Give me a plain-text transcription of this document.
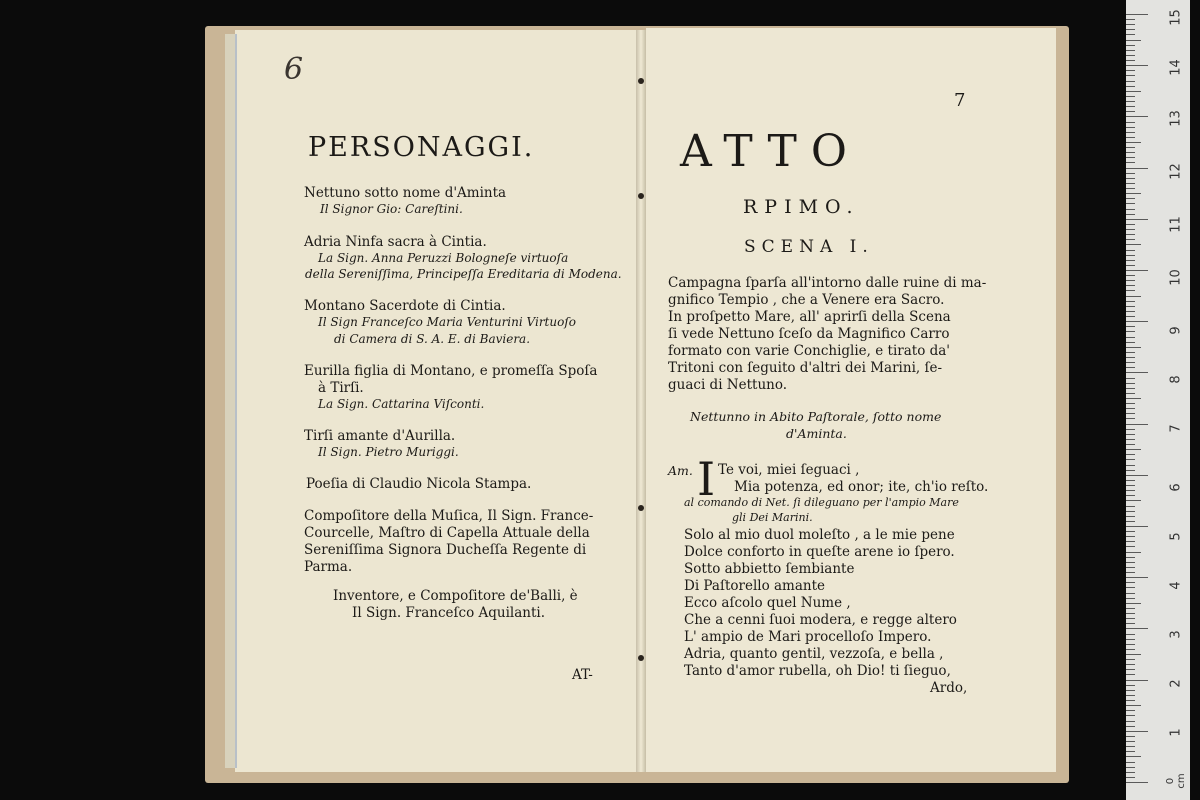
6
PERSONAGGI.
Nettuno sotto nome d'Aminta
Il Signor Gio: Careſtini.
Adria Ninfa sacra à Cintia.
La Sign. Anna Peruzzi Bologneſe virtuoſa
della Sereniſſima, Principeſſa Ereditaria di Modena.
Montano Sacerdote di Cintia.
Il Sign Franceſco Maria Venturini Virtuoſo
di Camera di S. A. E. di Baviera.
Eurilla figlia di Montano, e promeſſa Spoſa
à Tirſi.
La Sign. Cattarina Viſconti.
Tirſi amante d'Aurilla.
Il Sign. Pietro Muriggi.
Poeſia di Claudio Nicola Stampa.
Compoſitore della Muſica, Il Sign. France-
Courcelle, Maſtro di Capella Attuale della
Sereniſſima Signora Ducheſſa Regente di
Parma.
Inventore, e Compoſitore de'Balli, è
Il Sign. Franceſco Aquilanti.
AT-
7
ATTO
RPIMO.
SCENA I.
Campagna ſparſa all'intorno dalle ruine di ma-
gnifico Tempio , che a Venere era Sacro.
In proſpetto Mare, all' aprirſi della Scena
ſi vede Nettuno ſceſo da Magnifico Carro
formato con varie Conchiglie, e tirato da'
Tritoni con ſeguito d'altri dei Marini, ſe-
guaci di Nettuno.
Nettunno in Abito Paſtorale, ſotto nome
d'Aminta.
Am. I Te voi, miei ſeguaci ,
Mia potenza, ed onor; ite, ch'io reſto.
al comando di Net. ſi dileguano per l'ampio Mare
gli Dei Marini.
Solo al mio duol moleſto , a le mie pene
Dolce conforto in queſte arene io ſpero.
Sotto abbietto ſembiante
Di Paſtorello amante
Ecco aſcolo quel Nume ,
Che a cenni ſuoi modera, e regge altero
L' ampio de Mari procelloſo Impero.
Adria, quanto gentil, vezzoſa, e bella ,
Tanto d'amor rubella, oh Dio! ti ſieguo,
Ardo,
0 cm
1
2
3
4
5
6
7
8
9
10
11
12
13
14
15
